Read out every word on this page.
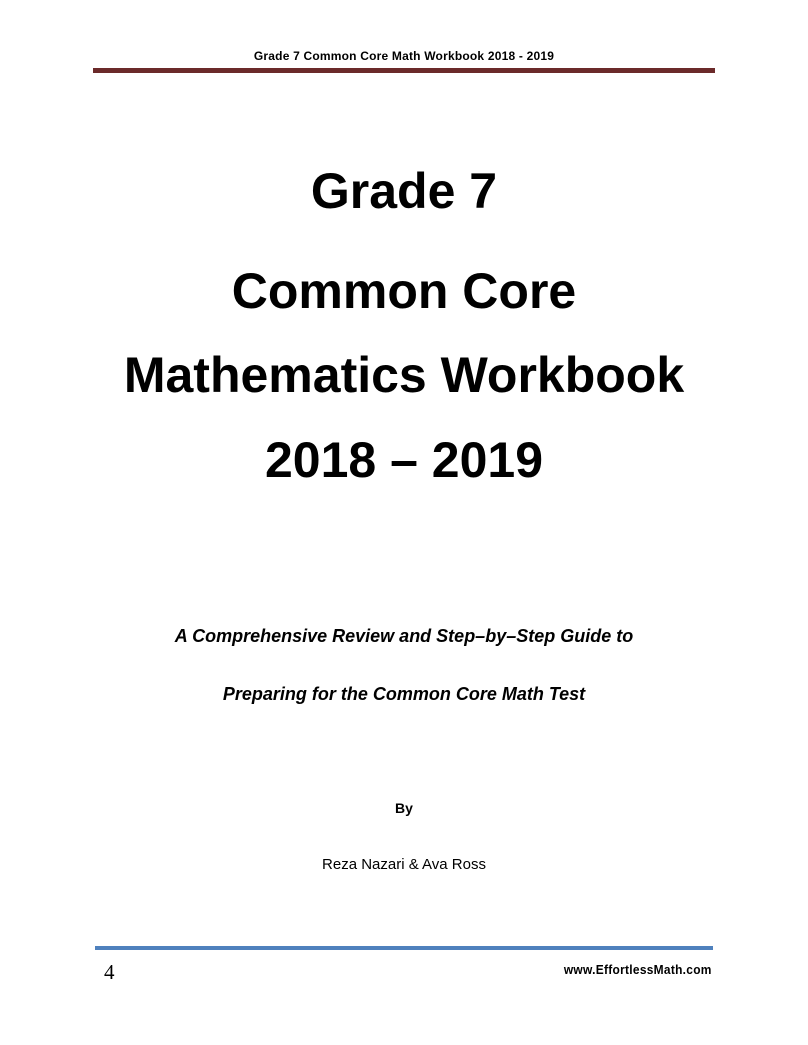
Grade 7 Common Core Math Workbook 2018 - 2019
Grade 7
Common Core
Mathematics Workbook
2018 – 2019
A Comprehensive Review and Step–by–Step Guide to
Preparing for the Common Core Math Test
By
Reza Nazari & Ava Ross
4	www.EffortlessMath.com
